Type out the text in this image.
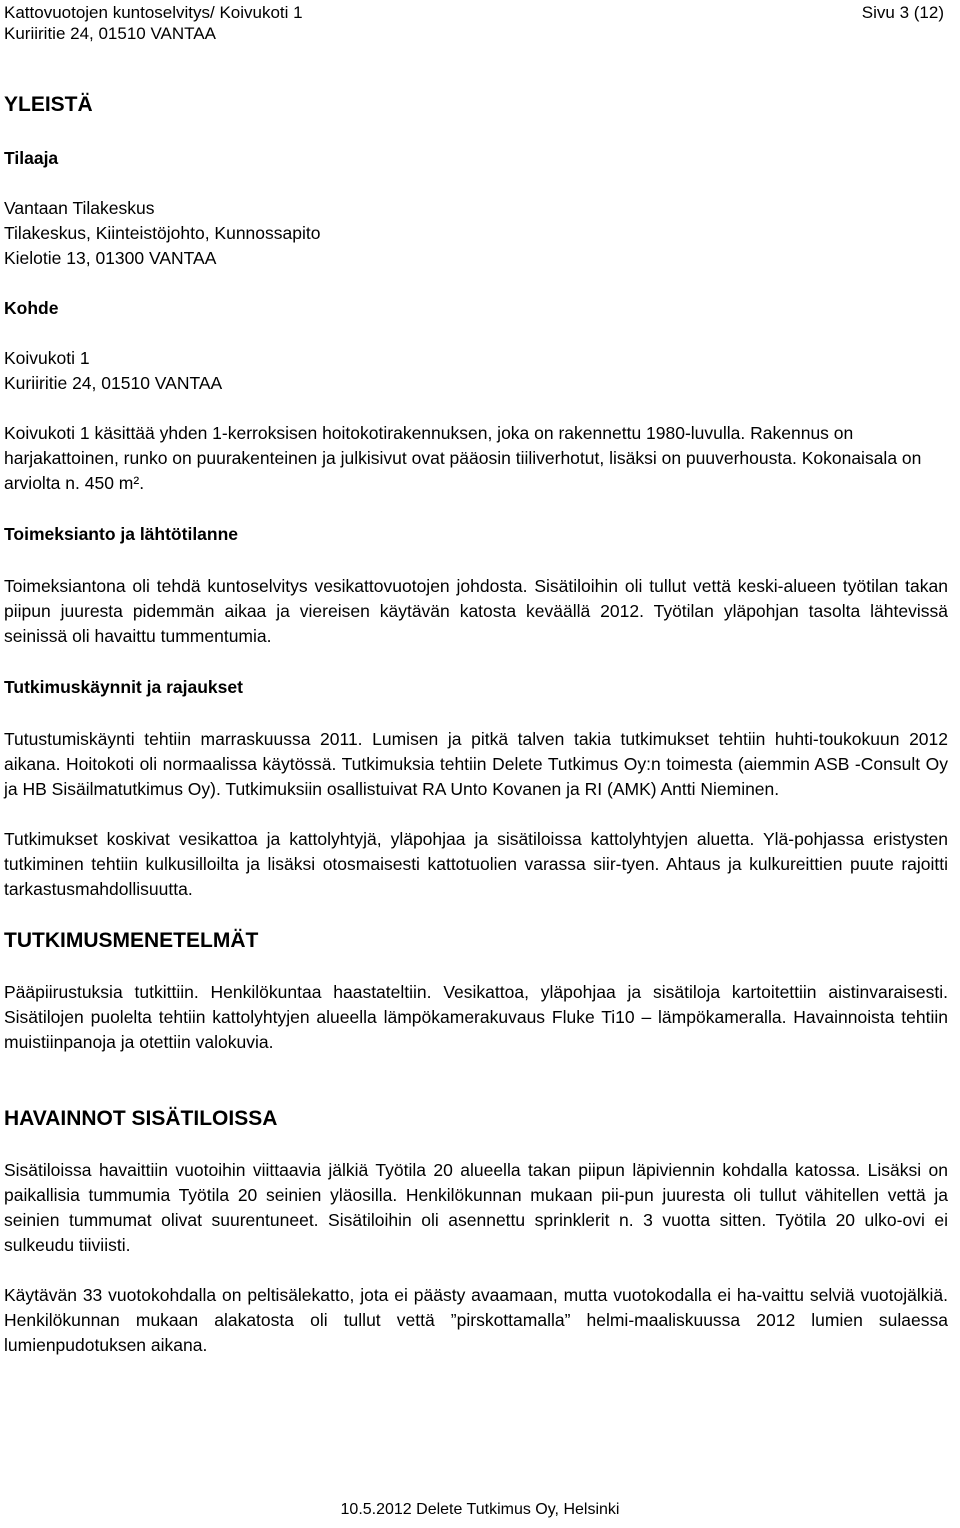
Kattovuotojen kuntoselvitys/ Koivukoti 1
Kuriiritie 24, 01510 VANTAA
Sivu 3 (12)
YLEISTÄ
Tilaaja
Vantaan Tilakeskus
Tilakeskus, Kiinteistöjohto, Kunnossapito
Kielotie 13, 01300 VANTAA
Kohde
Koivukoti 1
Kuriiritie 24, 01510 VANTAA

Koivukoti 1 käsittää yhden 1-kerroksisen hoitokotirakennuksen, joka on rakennettu 1980-luvulla. Rakennus on harjakattoinen, runko on puurakenteinen ja julkisivut ovat pääosin tiiliverhotut, lisäksi on puuverhousta. Kokonaisala on arviolta n. 450 m².

Toimeksianto ja lähtötilanne

Toimeksiantona oli tehdä kuntoselvitys vesikattovuotojen johdosta. Sisätiloihin oli tullut vettä keski-alueen työtilan takan piipun juuresta pidemmän aikaa ja viereisen käytävän katosta keväällä 2012. Työtilan yläpohjan tasolta lähtevissä seinissä oli havaittu tummentumia.

Tutkimuskäynnit ja rajaukset

Tutustumiskäynti tehtiin marraskuussa 2011. Lumisen ja pitkä talven takia tutkimukset tehtiin huhti-toukokuun 2012 aikana. Hoitokoti oli normaalissa käytössä. Tutkimuksia tehtiin Delete Tutkimus Oy:n toimesta (aiemmin ASB -Consult Oy ja HB Sisäilmatutkimus Oy). Tutkimuksiin osallistuivat RA Unto Kovanen ja RI (AMK) Antti Nieminen.

Tutkimukset koskivat vesikattoa ja kattolyhtyjä, yläpohjaa ja sisätiloissa kattolyhtyjen aluetta. Ylä-pohjassa eristysten tutkiminen tehtiin kulkusilloilta ja lisäksi otosmaisesti kattotuolien varassa siir-tyen. Ahtaus ja kulkureittien puute rajoitti tarkastusmahdollisuutta.

TUTKIMUSMENETELMÄT

Pääpiirustuksia tutkittiin. Henkilökuntaa haastateltiin. Vesikattoa, yläpohjaa ja sisätiloja kartoitettiin aistinvaraisesti. Sisätilojen puolelta tehtiin kattolyhtyjen alueella lämpökamerakuvaus Fluke Ti10 – lämpökameralla. Havainnoista tehtiin muistiinpanoja ja otettiin valokuvia.

HAVAINNOT SISÄTILOISSA

Sisätiloissa havaittiin vuotoihin viittaavia jälkiä Työtila 20 alueella takan piipun läpiviennin kohdalla katossa. Lisäksi on paikallisia tummumia Työtila 20 seinien yläosilla. Henkilökunnan mukaan pii-pun juuresta oli tullut vähitellen vettä ja seinien tummumat olivat suurentuneet. Sisätiloihin oli asennettu sprinklerit n. 3 vuotta sitten. Työtila 20 ulko-ovi ei sulkeudu tiiviisti.

Käytävän 33 vuotokohdalla on peltisälekatto, jota ei päästy avaamaan, mutta vuotokodalla ei ha-vaittu selviä vuotojälkiä. Henkilökunnan mukaan alakatosta oli tullut vettä ”pirskottamalla” helmi-maaliskuussa 2012 lumien sulaessa lumienpudotuksen aikana.

10.5.2012 Delete Tutkimus Oy, Helsinki
